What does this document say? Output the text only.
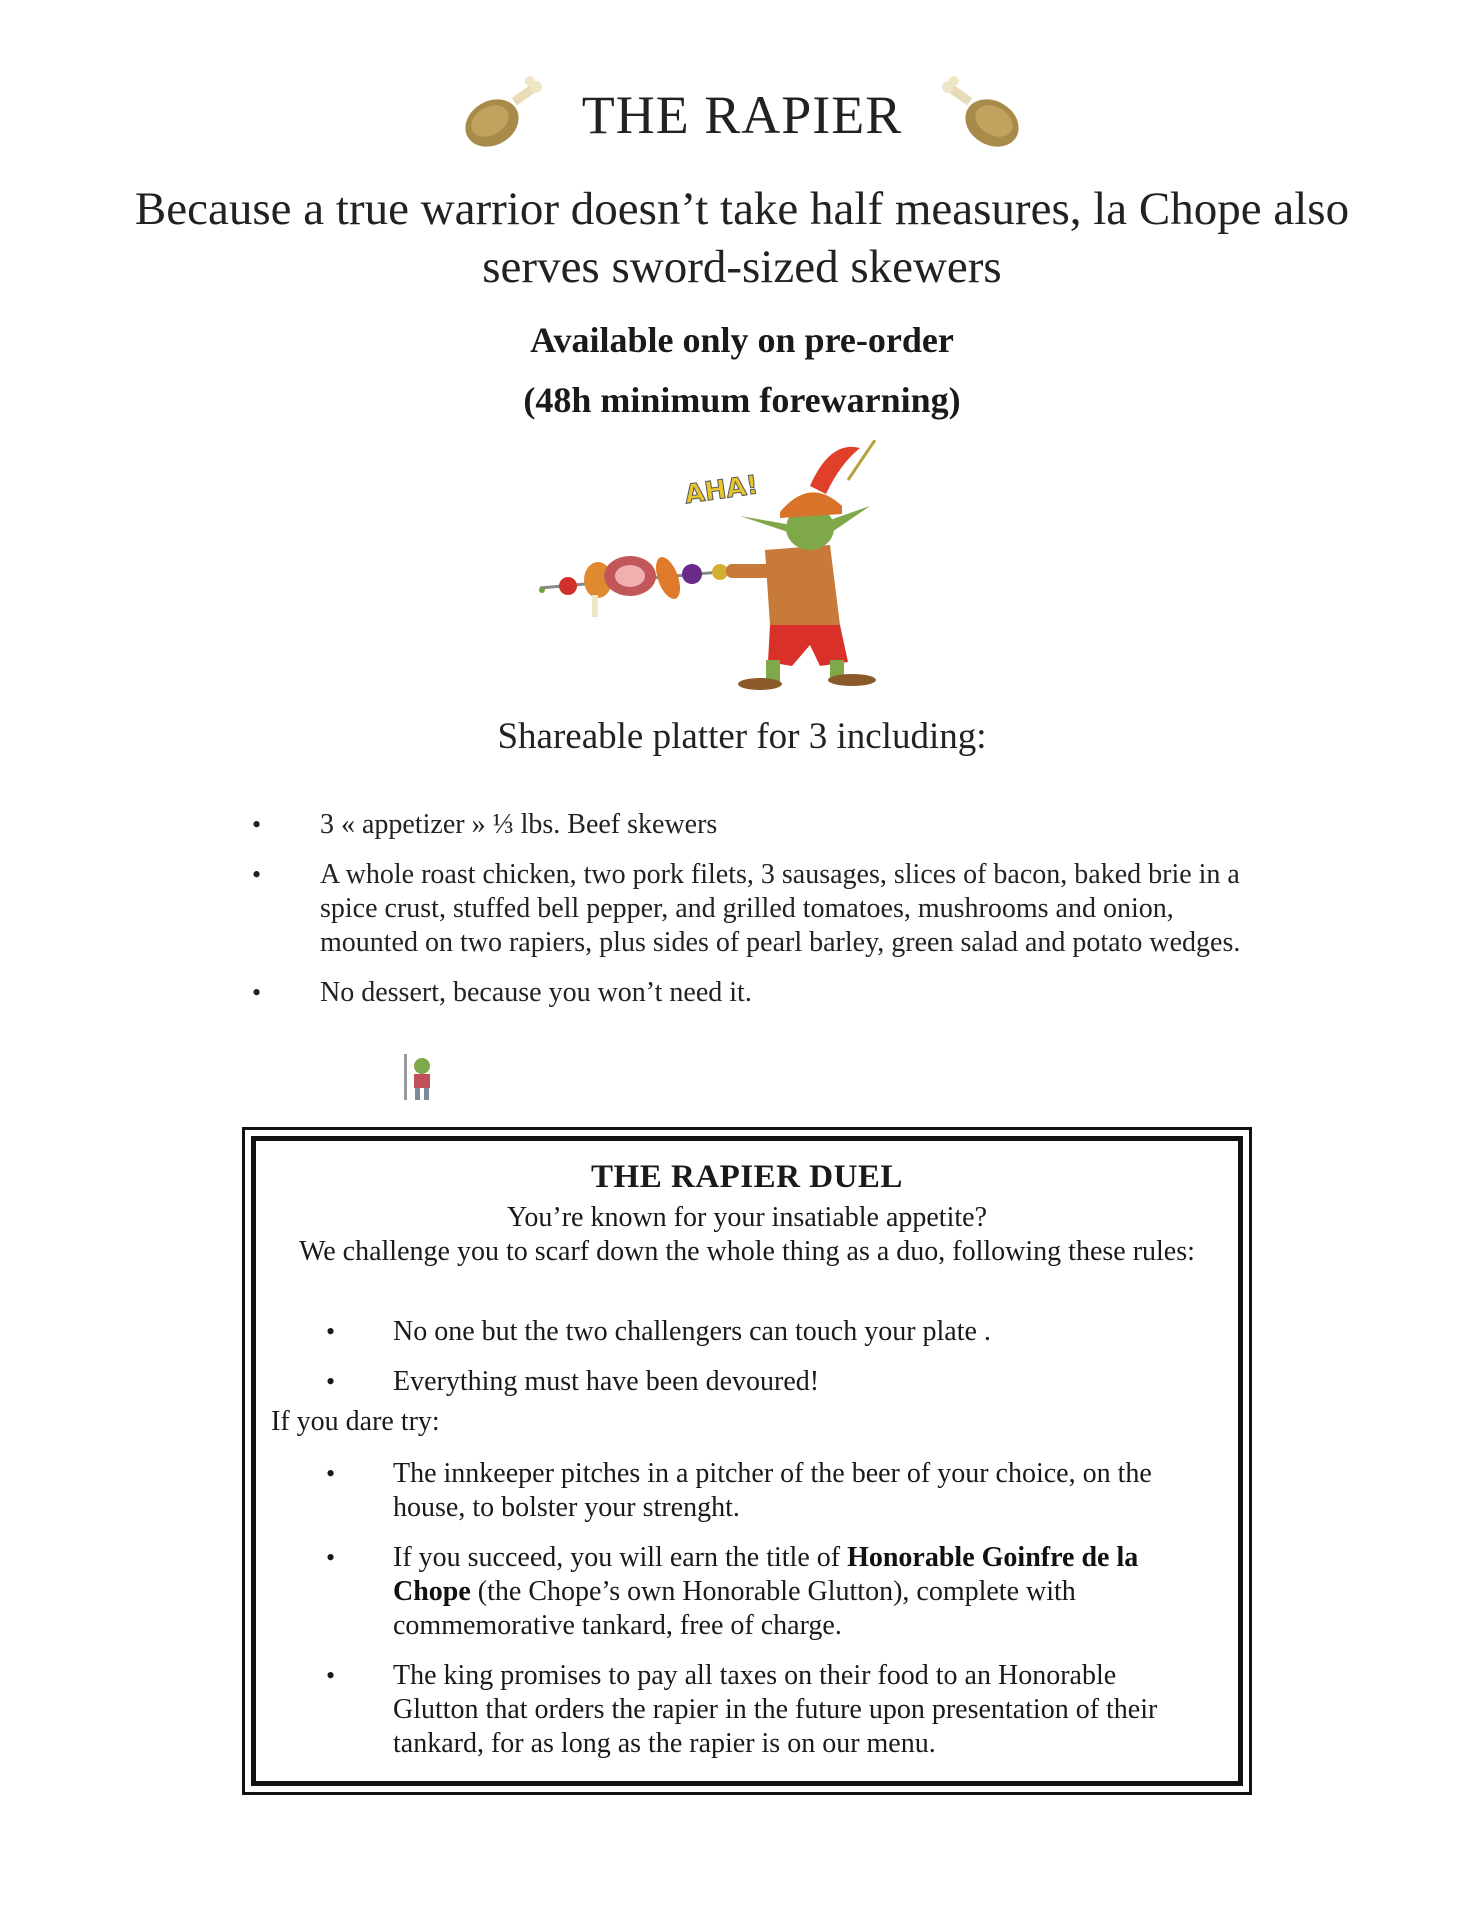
THE RAPIER
Because a true warrior doesn’t take half measures, la Chope also serves sword-sized skewers
Available only on pre-order
(48h minimum forewarning)
AHA!
Shareable platter for 3 including:
• 3 « appetizer » ⅓ lbs. Beef skewers
• A whole roast chicken, two pork filets, 3 sausages, slices of bacon, baked brie in a spice crust, stuffed bell pepper, and grilled tomatoes, mushrooms and onion, mounted on two rapiers, plus sides of pearl barley, green salad and potato wedges.
• No dessert, because you won’t need it.
THE RAPIER DUEL
You’re known for your insatiable appetite?
We challenge you to scarf down the whole thing as a duo, following these rules:
• No one but the two challengers can touch your plate .
• Everything must have been devoured!
If you dare try:
• The innkeeper pitches in a pitcher of the beer of your choice, on the house, to bolster your strenght.
• If you succeed, you will earn the title of Honorable Goinfre de la Chope (the Chope’s own Honorable Glutton), complete with commemorative tankard, free of charge.
• The king promises to pay all taxes on their food to an Honorable Glutton that orders the rapier in the future upon presentation of their tankard, for as long as the rapier is on our menu.
